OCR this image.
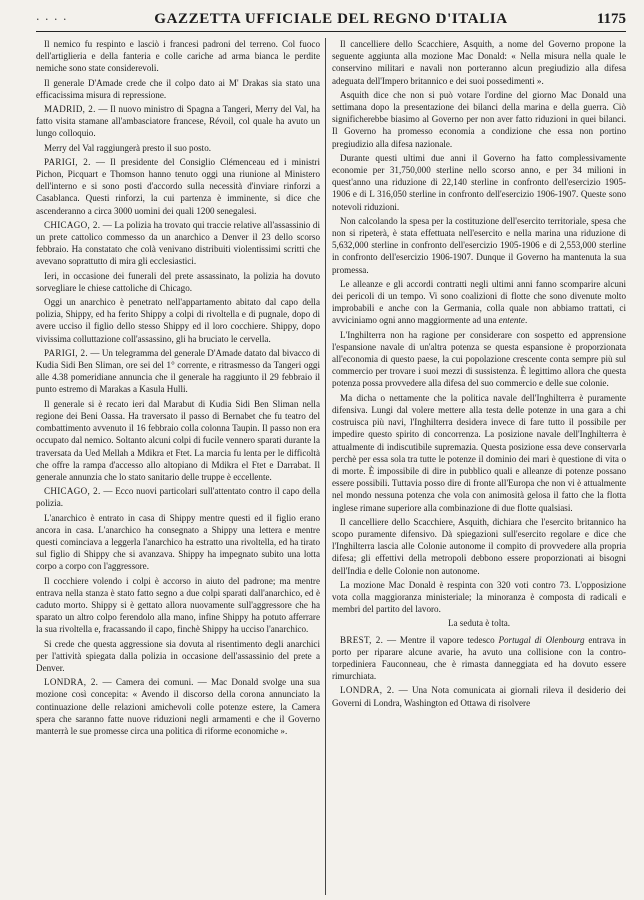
· · · ·	GAZZETTA UFFICIALE DEL REGNO D'ITALIA	1175

Il nemico fu respinto e lasciò i francesi padroni del terreno. Col fuoco dell'artiglieria e della fanteria e colle cariche ad arma bianca le perdite nemiche sono state considerevoli.

Il generale D'Amade crede che il colpo dato ai M' Drakas sia stato una efficacissima misura di repressione.

MADRID, 2. — Il nuovo ministro di Spagna a Tangeri, Merry del Val, ha fatto visita stamane all'ambasciatore francese, Révoil, col quale ha avuto un lungo colloquio.

Merry del Val raggiungerà presto il suo posto.

PARIGI, 2. — Il presidente del Consiglio Clémenceau ed i ministri Pichon, Picquart e Thomson hanno tenuto oggi una riunione al Ministero dell'interno e si sono posti d'accordo sulla necessità d'inviare rinforzi a Casablanca. Questi rinforzi, la cui partenza è imminente, si dice che ascenderanno a circa 3000 uomini dei quali 1200 senegalesi.

CHICAGO, 2. — La polizia ha trovato qui traccie relative all'assassinio di un prete cattolico commesso da un anarchico a Denver il 23 dello scorso febbraio. Ha constatato che colà venivano distribuiti violentissimi scritti che avevano soprattutto di mira gli ecclesiastici.

Ieri, in occasione dei funerali del prete assassinato, la polizia ha dovuto sorvegliare le chiese cattoliche di Chicago.

Oggi un anarchico è penetrato nell'appartamento abitato dal capo della polizia, Shippy, ed ha ferito Shippy a colpi di rivoltella e di pugnale, dopo di avere ucciso il figlio dello stesso Shippy ed il loro cocchiere. Shippy, dopo vivissima colluttazione coll'assassino, gli ha bruciato le cervella.

PARIGI, 2. — Un telegramma del generale D'Amade datato dal bivacco di Kudia Sidi Ben Sliman, ore sei del 1° corrente, e ritrasmesso da Tangeri oggi alle 4.38 pomeridiane annuncia che il generale ha raggiunto il 29 febbraio il punto estremo di Marakas a Kasula Hulli.

Il generale si è recato ieri dal Marabut di Kudia Sidi Ben Sliman nella regione dei Beni Oassa. Ha traversato il passo di Bernabet che fu teatro del combattimento avvenuto il 16 febbraio colla colonna Taupin. Il passo non era occupato dal nemico. Soltanto alcuni colpi di fucile vennero sparati durante la traversata da Ued Mellah a Mdikra et Ftet. La marcia fu lenta per le difficoltà che offre la rampa d'accesso allo altopiano di Mdikra el Ftet e Darrabat. Il generale annunzia che lo stato sanitario delle truppe è eccellente.

CHICAGO, 2. — Ecco nuovi particolari sull'attentato contro il capo della polizia.

L'anarchico è entrato in casa di Shippy mentre questi ed il figlio erano ancora in casa. L'anarchico ha consegnato a Shippy una lettera e mentre questi cominciava a leggerla l'anarchico ha estratto una rivoltella, ed ha tirato sul figlio di Shippy che si avanzava. Shippy ha impegnato subito una lotta corpo a corpo con l'aggressore.

Il cocchiere volendo i colpi è accorso in aiuto del padrone; ma mentre entrava nella stanza è stato fatto segno a due colpi sparati dall'anarchico, ed è caduto morto. Shippy si è gettato allora nuovamente sull'aggressore che ha sparato un altro colpo ferendolo alla mano, infine Shippy ha potuto afferrare la sua rivoltella e, fracassando il capo, finchè Shippy ha ucciso l'anarchico.

Si crede che questa aggressione sia dovuta al risentimento degli anarchici per l'attività spiegata dalla polizia in occasione dell'assassinio del prete a Denver.

LONDRA, 2. — Camera dei comuni. — Mac Donald svolge una sua mozione così concepita: « Avendo il discorso della corona annunciato la continuazione delle relazioni amichevoli colle potenze estere, la Camera spera che saranno fatte nuove riduzioni negli armamenti e che il Governo manterrà le sue promesse circa una politica di riforme economiche ».

Il cancelliere dello Scacchiere, Asquith, a nome del Governo propone la seguente aggiunta alla mozione Mac Donald: « Nella misura nella quale le conservino militari e navali non porteranno alcun pregiudizio alla difesa adeguata dell'Impero britannico e dei suoi possedimenti ».

Asquith dice che non si può votare l'ordine del giorno Mac Donald una settimana dopo la presentazione dei bilanci della marina e della guerra. Ciò significherebbe biasimo al Governo per non aver fatto riduzioni in quei bilanci. Il Governo ha promesso economia a condizione che essa non portino pregiudizio alla difesa nazionale.

Durante questi ultimi due anni il Governo ha fatto complessivamente economie per 31,750,000 sterline nello scorso anno, e per 34 milioni in quest'anno una riduzione di 22,140 sterline in confronto dell'esercizio 1905-1906 e di L 316,050 sterline in confronto dell'esercizio 1906-1907. Queste sono notevoli riduzioni.

Non calcolando la spesa per la costituzione dell'esercito territoriale, spesa che non si ripeterà, è stata effettuata nell'esercito e nella marina una riduzione di 5,632,000 sterline in confronto dell'esercizio 1905-1906 e di 2,553,000 sterline in confronto dell'esercizio 1906-1907. Dunque il Governo ha mantenuta la sua promessa.

Le alleanze e gli accordi contratti negli ultimi anni fanno scomparire alcuni dei pericoli di un tempo. Vi sono coalizioni di flotte che sono divenute molto improbabili e anche con la Germania, colla quale non abbiamo trattati, ci avviciniamo ogni anno maggiormente ad una entente.

L'Inghilterra non ha ragione per considerare con sospetto ed apprensione l'espansione navale di un'altra potenza se questa espansione è proporzionata all'economia di questo paese, la cui popolazione crescente conta sempre più sul commercio per trovare i suoi mezzi di sussistenza. È legittimo allora che questa potenza possa provvedere alla difesa del suo commercio e delle sue colonie.

Ma dicha o nettamente che la politica navale dell'Inghilterra è puramente difensiva. Lungi dal volere mettere alla testa delle potenze in una gara a chi costruisca più navi, l'Inghilterra desidera invece di fare tutto il possibile per impedire questo spirito di concorrenza. La posizione navale dell'Inghilterra è attualmente di indiscutibile supremazia. Questa posizione essa deve conservarla perchè per essa sola tra tutte le potenze il dominio dei mari è questione di vita o di morte. È impossibile di dire in pubblico quali e alleanze di potenze possano essere possibili. Tuttavia posso dire di fronte all'Europa che non vi è attualmente nel mondo nessuna potenza che vola con animosità gelosa il fatto che la flotta inglese rimane superiore alla combinazione di due flotte qualsiasi.

Il cancelliere dello Scacchiere, Asquith, dichiara che l'esercito britannico ha scopo puramente difensivo. Dà spiegazioni sull'esercito regolare e dice che l'Inghilterra lascia alle Colonie autonome il compito di provvedere alla propria difesa; gli effettivi della metropoli debbono essere proporzionati ai bisogni dell'India e delle Colonie non autonome.

La mozione Mac Donald è respinta con 320 voti contro 73. L'opposizione vota colla maggioranza ministeriale; la minoranza è composta di radicali e membri del partito del lavoro.

La seduta è tolta.

BREST, 2. — Mentre il vapore tedesco Portugal di Olenbourg entrava in porto per riparare alcune avarie, ha avuto una collisione con la contro-torpediniera Fauconneau, che è rimasta danneggiata ed ha dovuto essere rimurchiata.

LONDRA, 2. — Una Nota comunicata ai giornali rileva il desiderio dei Governi di Londra, Washington ed Ottawa di risolvere
